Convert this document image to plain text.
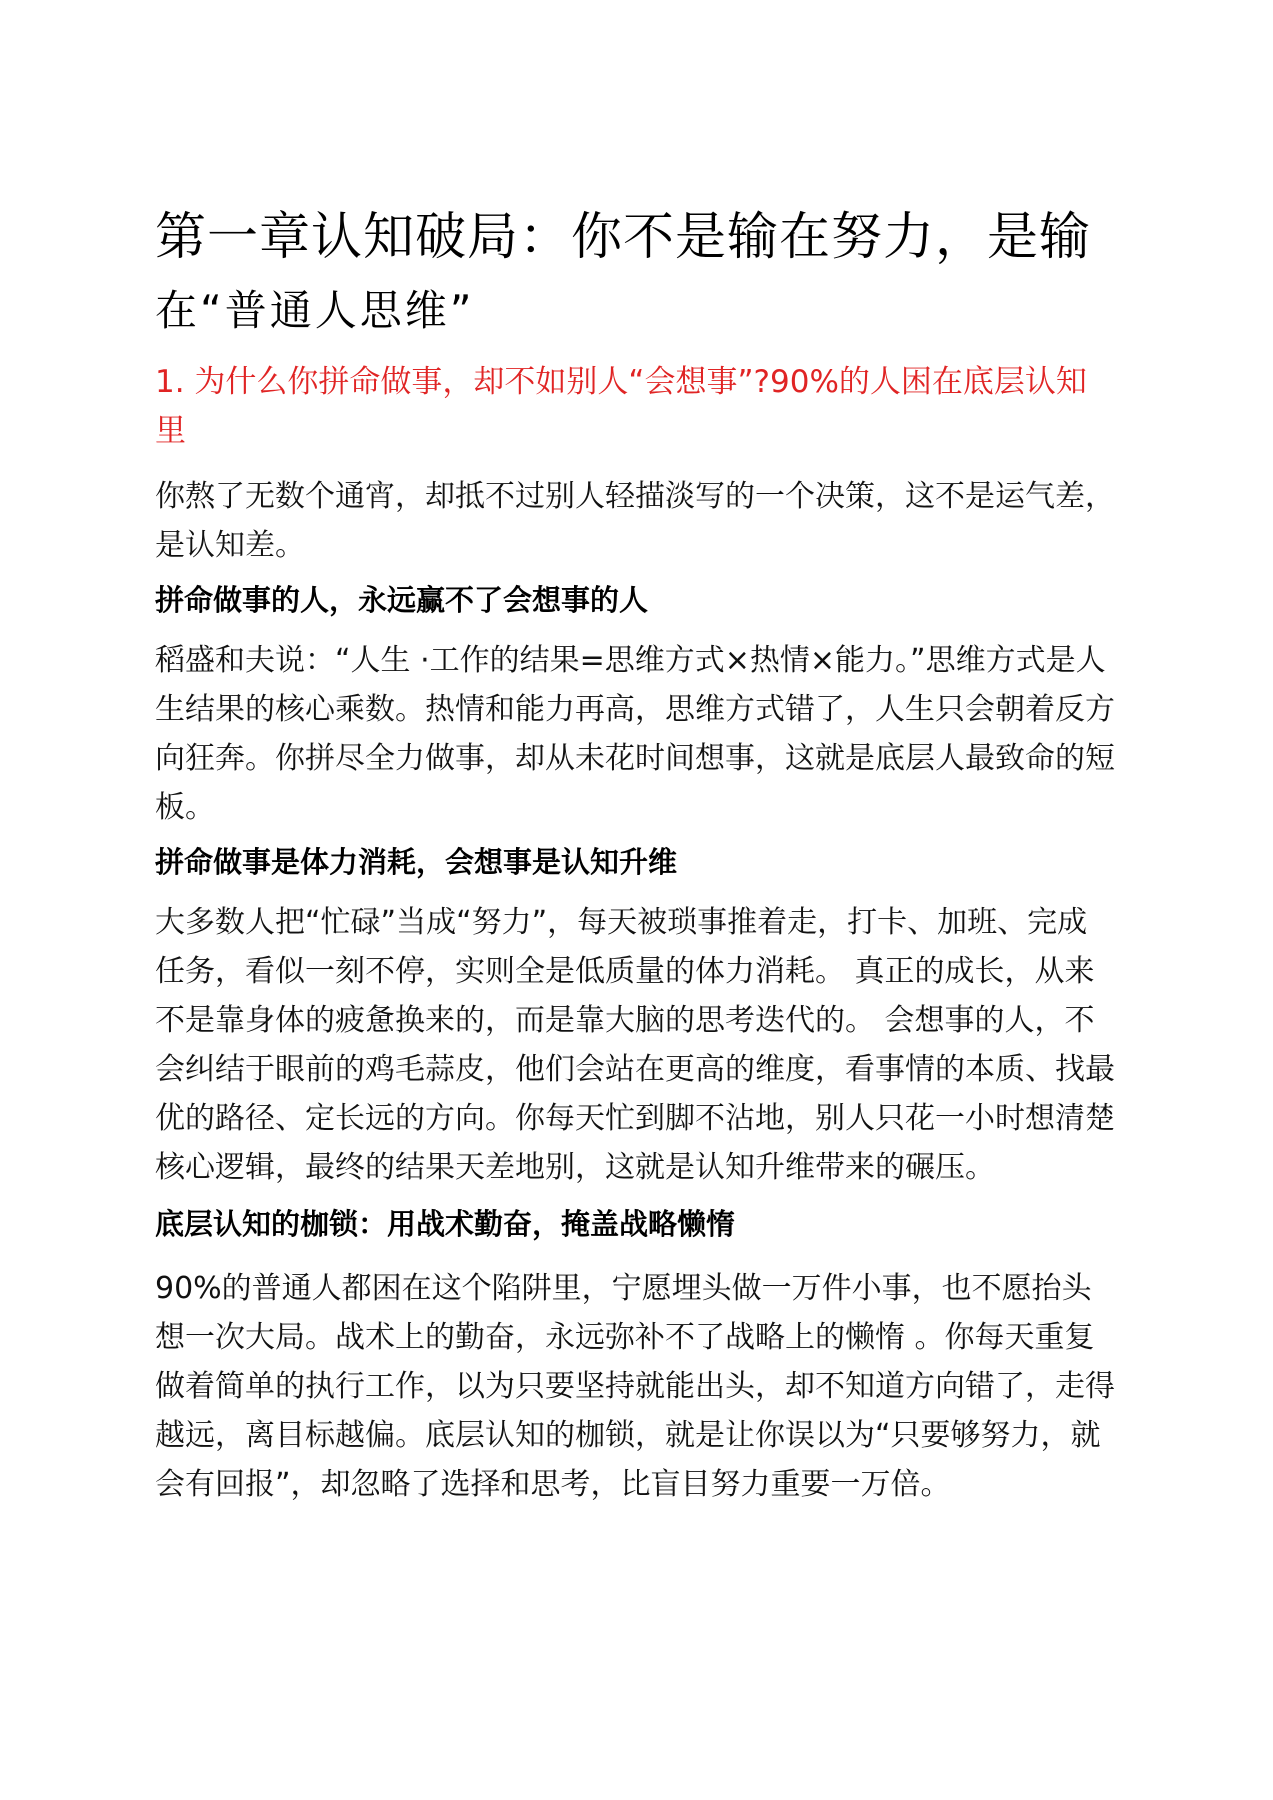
第一章认知破局：你不是输在努力，是输
在“普通人思维”
1. 为什么你拼命做事，却不如别人“会想事”?90%的人困在底层认知里

你熬了无数个通宵，却抵不过别人轻描淡写的一个决策，这不是运气差，是认知差。

拼命做事的人，永远赢不了会想事的人

稻盛和夫说：“人生 ·工作的结果=思维方式×热情×能力。”思维方式是人生结果的核心乘数。热情和能力再高，思维方式错了，人生只会朝着反方向狂奔。你拼尽全力做事，却从未花时间想事，这就是底层人最致命的短板。

拼命做事是体力消耗，会想事是认知升维

大多数人把“忙碌”当成“努力”，每天被琐事推着走，打卡、加班、完成任务，看似一刻不停，实则全是低质量的体力消耗。 真正的成长，从来不是靠身体的疲惫换来的，而是靠大脑的思考迭代的。 会想事的人，不会纠结于眼前的鸡毛蒜皮，他们会站在更高的维度，看事情的本质、找最优的路径、定长远的方向。你每天忙到脚不沾地，别人只花一小时想清楚核心逻辑，最终的结果天差地别，这就是认知升维带来的碾压。

底层认知的枷锁：用战术勤奋，掩盖战略懒惰

90%的普通人都困在这个陷阱里，宁愿埋头做一万件小事，也不愿抬头想一次大局。战术上的勤奋，永远弥补不了战略上的懒惰 。你每天重复做着简单的执行工作，以为只要坚持就能出头，却不知道方向错了，走得越远，离目标越偏。底层认知的枷锁，就是让你误以为“只要够努力，就会有回报”，却忽略了选择和思考，比盲目努力重要一万倍。
